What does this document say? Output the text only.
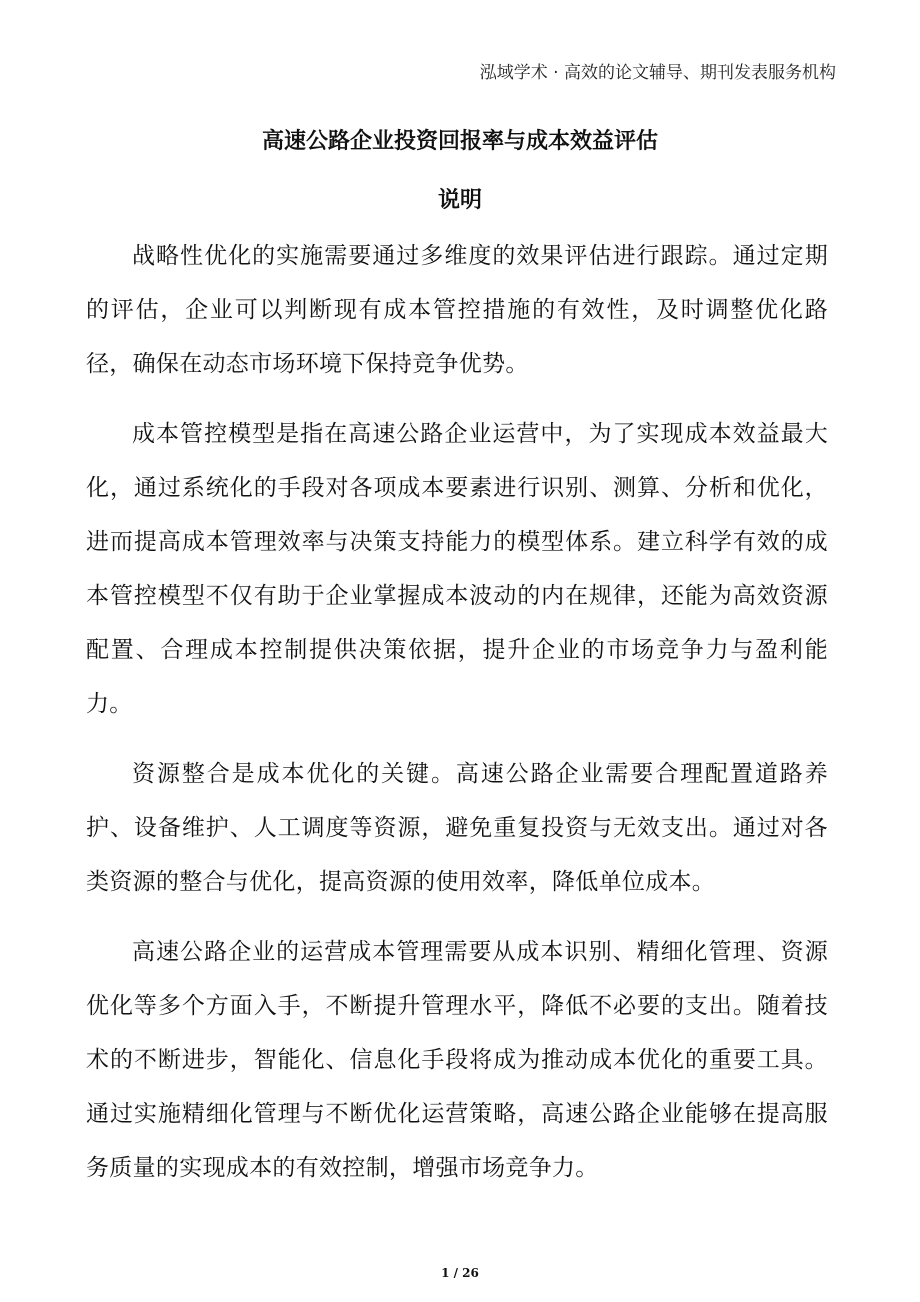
泓域学术 · 高效的论文辅导、期刊发表服务机构
高速公路企业投资回报率与成本效益评估
说明

战略性优化的实施需要通过多维度的效果评估进行跟踪。通过定期的评估，企业可以判断现有成本管控措施的有效性，及时调整优化路径，确保在动态市场环境下保持竞争优势。

成本管控模型是指在高速公路企业运营中，为了实现成本效益最大化，通过系统化的手段对各项成本要素进行识别、测算、分析和优化，进而提高成本管理效率与决策支持能力的模型体系。建立科学有效的成本管控模型不仅有助于企业掌握成本波动的内在规律，还能为高效资源配置、合理成本控制提供决策依据，提升企业的市场竞争力与盈利能力。

资源整合是成本优化的关键。高速公路企业需要合理配置道路养护、设备维护、人工调度等资源，避免重复投资与无效支出。通过对各类资源的整合与优化，提高资源的使用效率，降低单位成本。

高速公路企业的运营成本管理需要从成本识别、精细化管理、资源优化等多个方面入手，不断提升管理水平，降低不必要的支出。随着技术的不断进步，智能化、信息化手段将成为推动成本优化的重要工具。通过实施精细化管理与不断优化运营策略，高速公路企业能够在提高服务质量的实现成本的有效控制，增强市场竞争力。

1 / 26
